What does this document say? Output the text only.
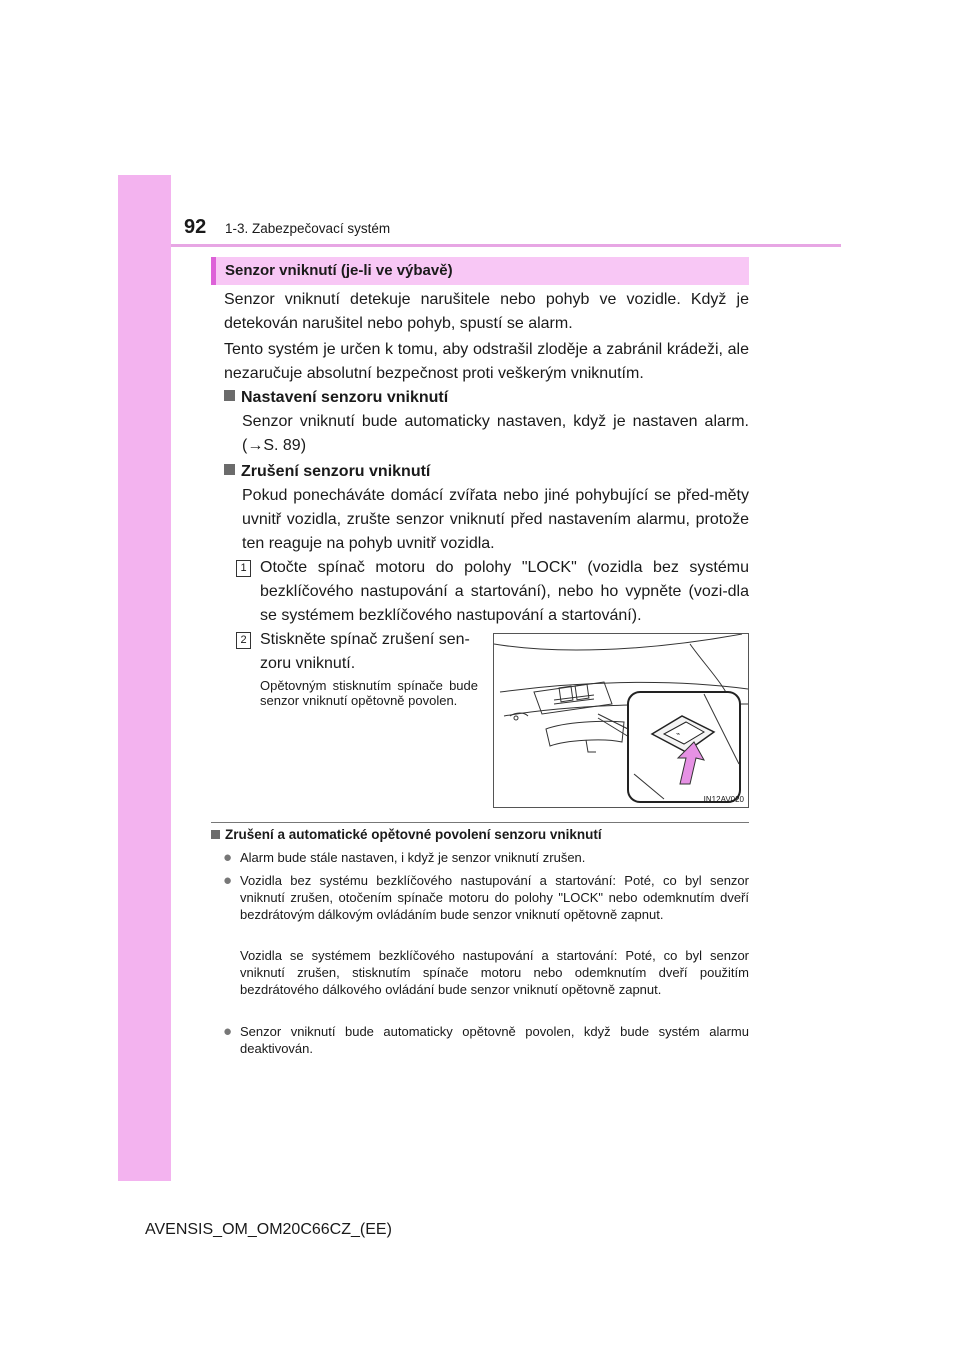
92 1-3. Zabezpečovací systém
Senzor vniknutí (je-li ve výbavě)
Senzor vniknutí detekuje narušitele nebo pohyb ve vozidle. Když je detekován narušitel nebo pohyb, spustí se alarm.
Tento systém je určen k tomu, aby odstrašil zloděje a zabránil krádeži, ale nezaručuje absolutní bezpečnost proti veškerým vniknutím.
Nastavení senzoru vniknutí
Senzor vniknutí bude automaticky nastaven, když je nastaven alarm. (→S. 89)
Zrušení senzoru vniknutí
Pokud ponecháváte domácí zvířata nebo jiné pohybující se před-měty uvnitř vozidla, zrušte senzor vniknutí před nastavením alarmu, protože ten reaguje na pohyb uvnitř vozidla.
1 Otočte spínač motoru do polohy "LOCK" (vozidla bez systému bezklíčového nastupování a startování), nebo ho vypněte (vozi-dla se systémem bezklíčového nastupování a startování).
2 Stiskněte spínač zrušení sen-zoru vniknutí.
Opětovným stisknutím spínače bude senzor vniknutí opětovně povolen.
⌁
IN12AV020
Zrušení a automatické opětovné povolení senzoru vniknutí
● Alarm bude stále nastaven, i když je senzor vniknutí zrušen.
● Vozidla bez systému bezklíčového nastupování a startování: Poté, co byl senzor vniknutí zrušen, otočením spínače motoru do polohy "LOCK" nebo odemknutím dveří bezdrátovým dálkovým ovládáním bude senzor vniknutí opětovně zapnut.
Vozidla se systémem bezklíčového nastupování a startování: Poté, co byl senzor vniknutí zrušen, stisknutím spínače motoru nebo odemknutím dveří použitím bezdrátového dálkového ovládání bude senzor vniknutí opětovně zapnut.
● Senzor vniknutí bude automaticky opětovně povolen, když bude systém alarmu deaktivován.
AVENSIS_OM_OM20C66CZ_(EE)
